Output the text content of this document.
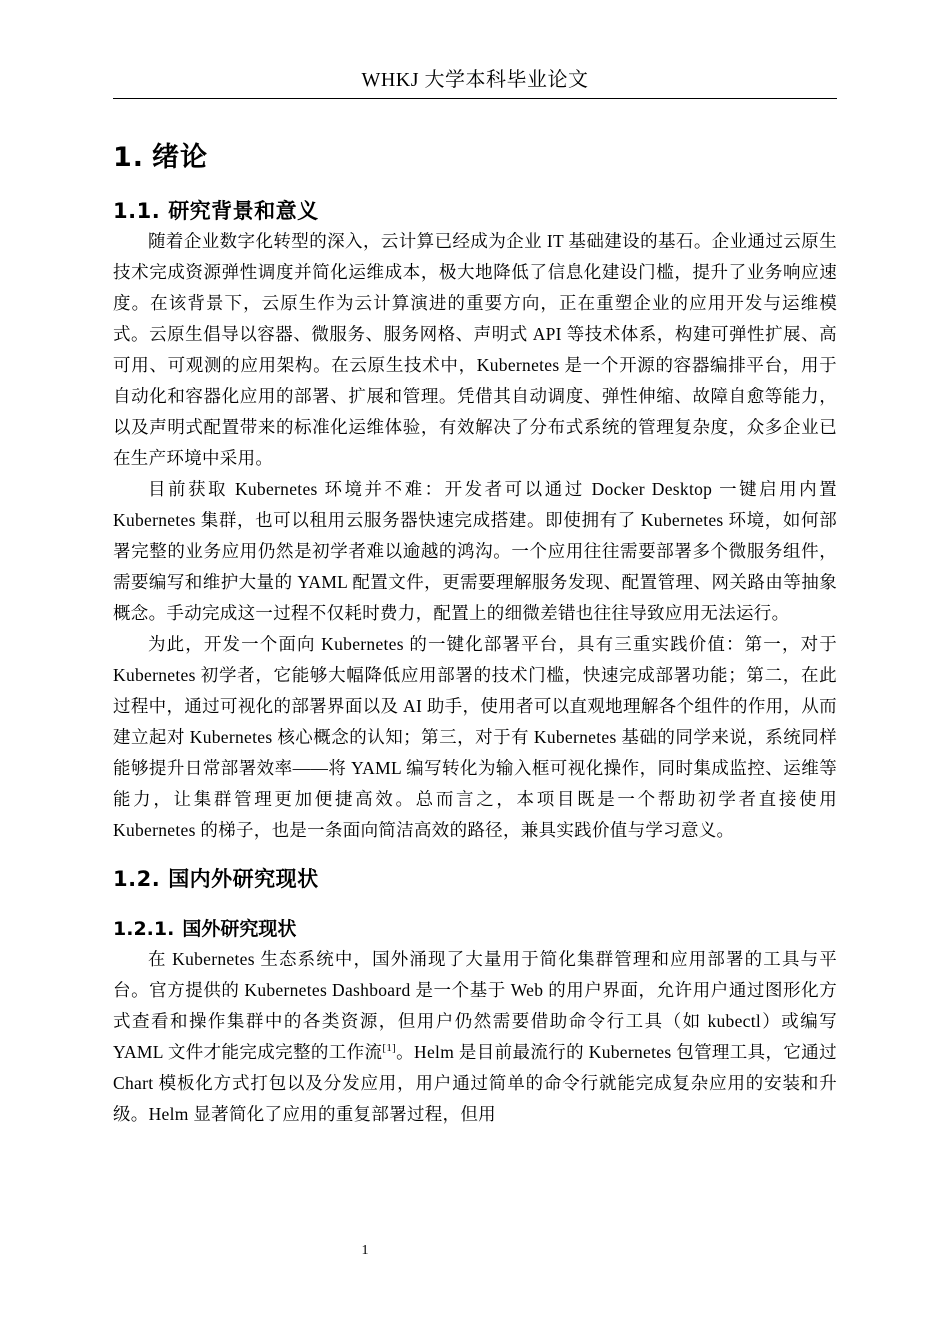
WHKJ 大学本科毕业论文
1. 绪论
1.1. 研究背景和意义

随着企业数字化转型的深入，云计算已经成为企业 IT 基础建设的基石。企业通过云原生技术完成资源弹性调度并简化运维成本，极大地降低了信息化建设门槛，提升了业务响应速度。在该背景下，云原生作为云计算演进的重要方向，正在重塑企业的应用开发与运维模式。云原生倡导以容器、微服务、服务网格、声明式 API 等技术体系，构建可弹性扩展、高可用、可观测的应用架构。在云原生技术中，Kubernetes 是一个开源的容器编排平台，用于自动化和容器化应用的部署、扩展和管理。凭借其自动调度、弹性伸缩、故障自愈等能力，以及声明式配置带来的标准化运维体验，有效解决了分布式系统的管理复杂度，众多企业已在生产环境中采用。

目前获取 Kubernetes 环境并不难：开发者可以通过 Docker Desktop 一键启用内置 Kubernetes 集群，也可以租用云服务器快速完成搭建。即使拥有了 Kubernetes 环境，如何部署完整的业务应用仍然是初学者难以逾越的鸿沟。一个应用往往需要部署多个微服务组件，需要编写和维护大量的 YAML 配置文件，更需要理解服务发现、配置管理、网关路由等抽象概念。手动完成这一过程不仅耗时费力，配置上的细微差错也往往导致应用无法运行。

为此，开发一个面向 Kubernetes 的一键化部署平台，具有三重实践价值：第一，对于 Kubernetes 初学者，它能够大幅降低应用部署的技术门槛，快速完成部署功能；第二，在此过程中，通过可视化的部署界面以及 AI 助手，使用者可以直观地理解各个组件的作用，从而建立起对 Kubernetes 核心概念的认知；第三，对于有 Kubernetes 基础的同学来说，系统同样能够提升日常部署效率——将 YAML 编写转化为输入框可视化操作，同时集成监控、运维等能力，让集群管理更加便捷高效。总而言之，本项目既是一个帮助初学者直接使用 Kubernetes 的梯子，也是一条面向简洁高效的路径，兼具实践价值与学习意义。

1.2. 国内外研究现状
1.2.1. 国外研究现状

在 Kubernetes 生态系统中，国外涌现了大量用于简化集群管理和应用部署的工具与平台。官方提供的 Kubernetes Dashboard 是一个基于 Web 的用户界面，允许用户通过图形化方式查看和操作集群中的各类资源，但用户仍然需要借助命令行工具（如 kubectl）或编写 YAML 文件才能完成完整的工作流[1]。Helm 是目前最流行的 Kubernetes 包管理工具，它通过 Chart 模板化方式打包以及分发应用，用户通过简单的命令行就能完成复杂应用的安装和升级。Helm 显著简化了应用的重复部署过程，但用

1
